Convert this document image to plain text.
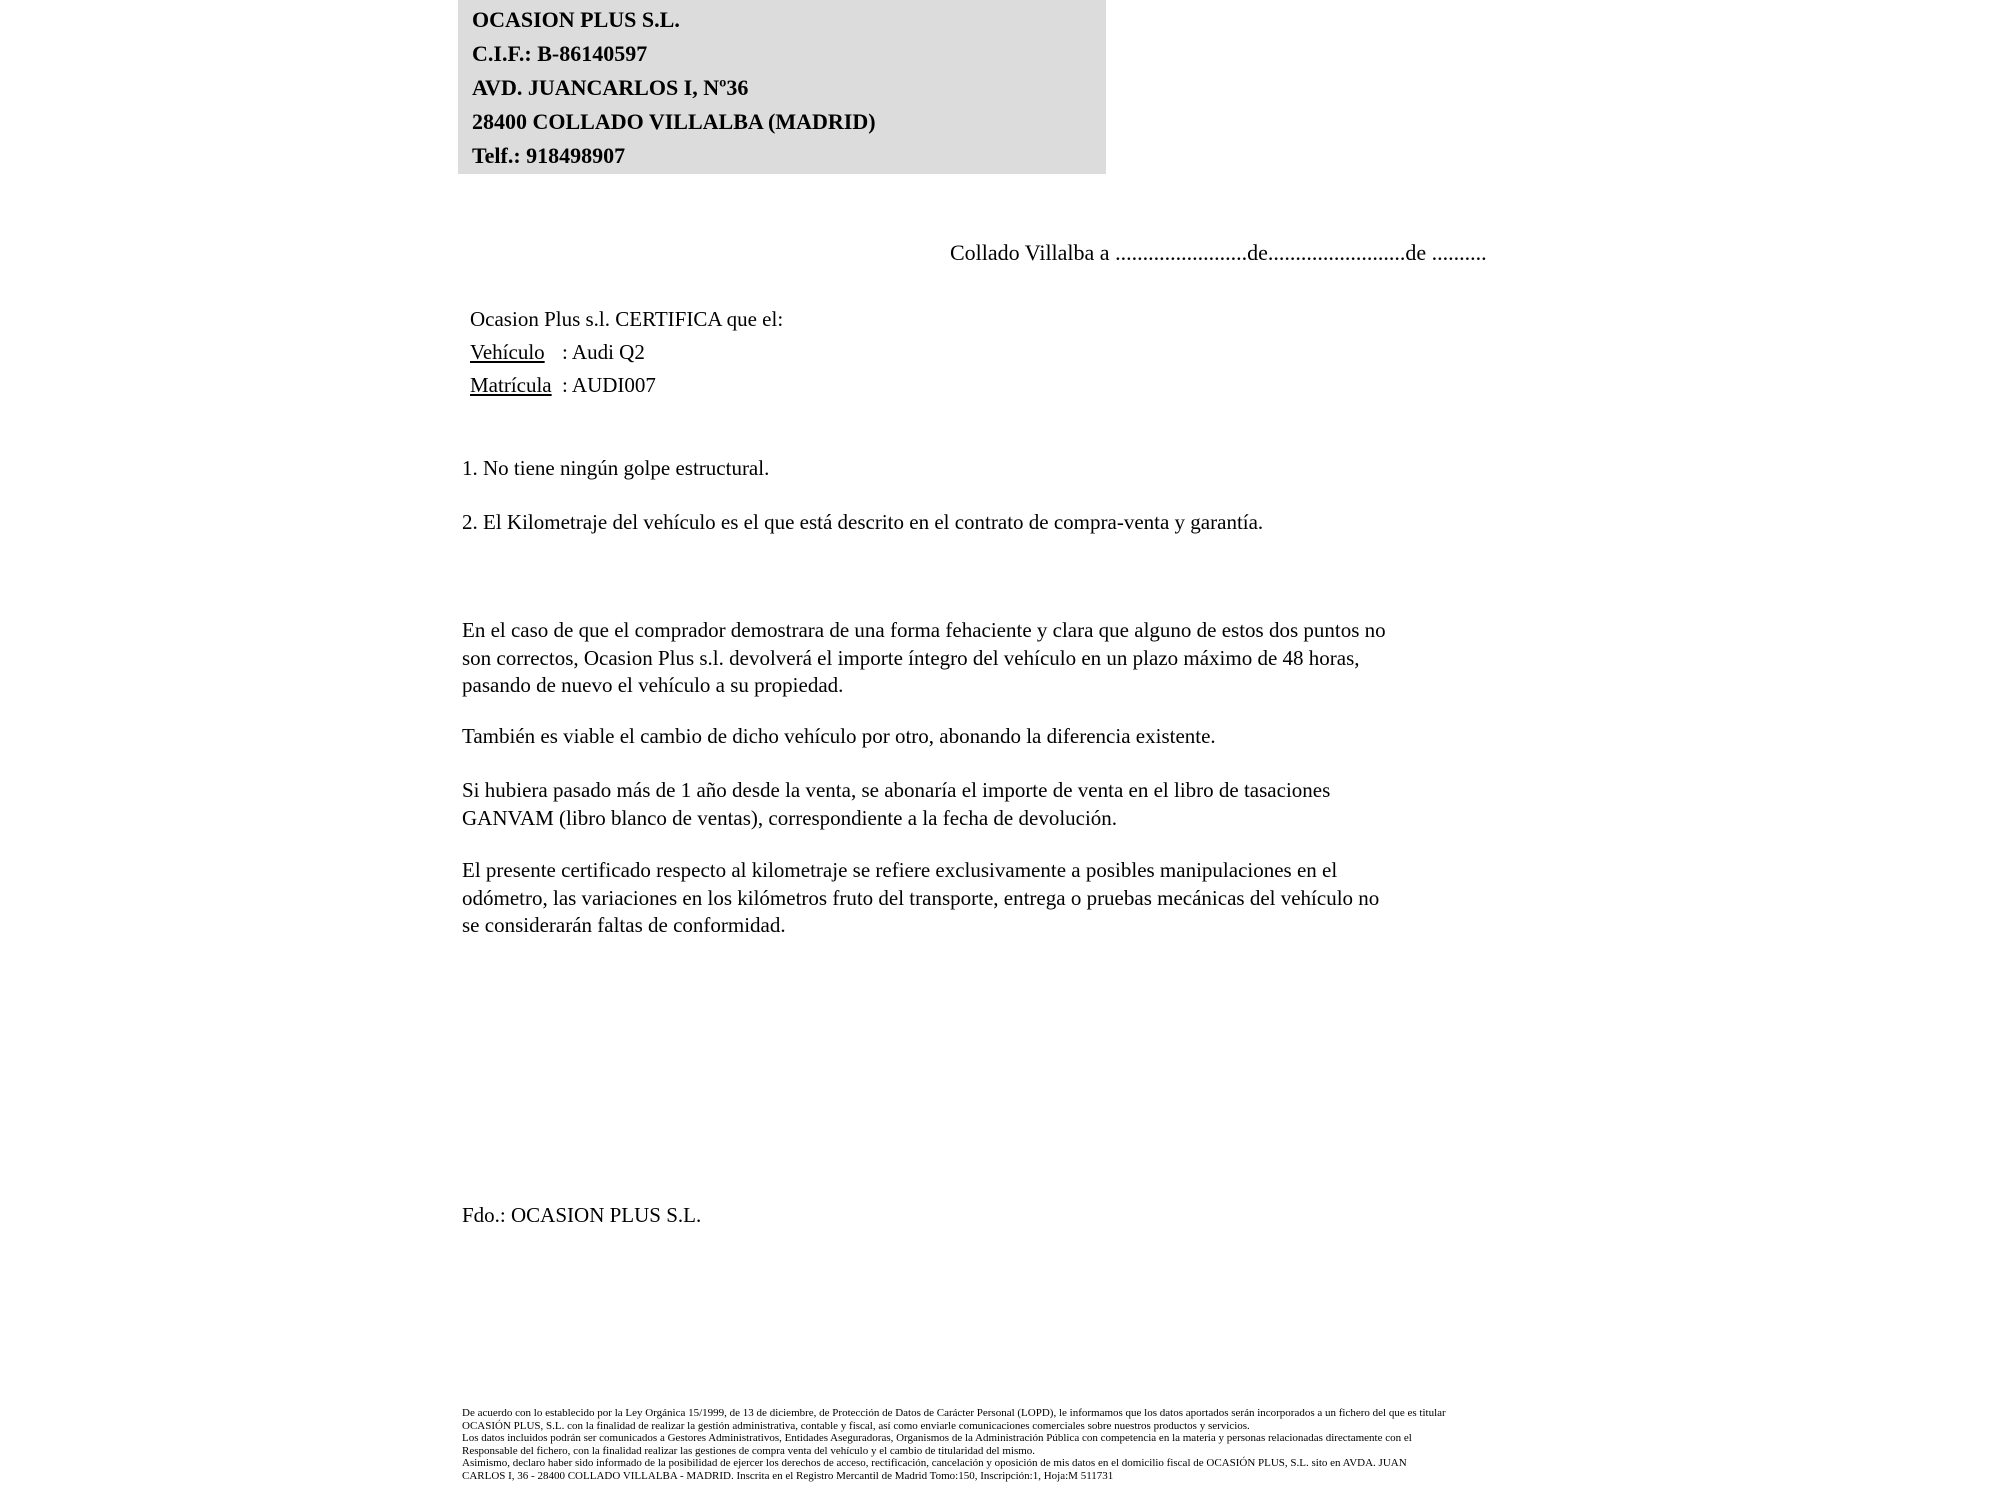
OCASION PLUS S.L.
C.I.F.: B-86140597
AVD. JUANCARLOS I, Nº36
28400 COLLADO VILLALBA (MADRID)
Telf.: 918498907
Collado Villalba a ........................de.........................de ..........
Ocasion Plus s.l. CERTIFICA que el:
Vehículo : Audi Q2
Matrícula : AUDI007
1. No tiene ningún golpe estructural.
2. El Kilometraje del vehículo es el que está descrito en el contrato de compra-venta y garantía.
En el caso de que el comprador demostrara de una forma fehaciente y clara que alguno de estos dos puntos no
son correctos, Ocasion Plus s.l. devolverá el importe íntegro del vehículo en un plazo máximo de 48 horas,
pasando de nuevo el vehículo a su propiedad.
También es viable el cambio de dicho vehículo por otro, abonando la diferencia existente.
Si hubiera pasado más de 1 año desde la venta, se abonaría el importe de venta en el libro de tasaciones
GANVAM (libro blanco de ventas), correspondiente a la fecha de devolución.
El presente certificado respecto al kilometraje se refiere exclusivamente a posibles manipulaciones en el
odómetro, las variaciones en los kilómetros fruto del transporte, entrega o pruebas mecánicas del vehículo no
se considerarán faltas de conformidad.
Fdo.: OCASION PLUS S.L.
De acuerdo con lo establecido por la Ley Orgánica 15/1999, de 13 de diciembre, de Protección de Datos de Carácter Personal (LOPD), le informamos que los datos aportados serán incorporados a un fichero del que es titular
OCASIÓN PLUS, S.L. con la finalidad de realizar la gestión administrativa, contable y fiscal, así como enviarle comunicaciones comerciales sobre nuestros productos y servicios.
Los datos incluidos podrán ser comunicados a Gestores Administrativos, Entidades Aseguradoras, Organismos de la Administración Pública con competencia en la materia y personas relacionadas directamente con el
Responsable del fichero, con la finalidad realizar las gestiones de compra venta del vehículo y el cambio de titularidad del mismo.
Asimismo, declaro haber sido informado de la posibilidad de ejercer los derechos de acceso, rectificación, cancelación y oposición de mis datos en el domicilio fiscal de OCASIÓN PLUS, S.L. sito en AVDA. JUAN
CARLOS I, 36 - 28400 COLLADO VILLALBA - MADRID. Inscrita en el Registro Mercantil de Madrid Tomo:150, Inscripción:1, Hoja:M 511731
